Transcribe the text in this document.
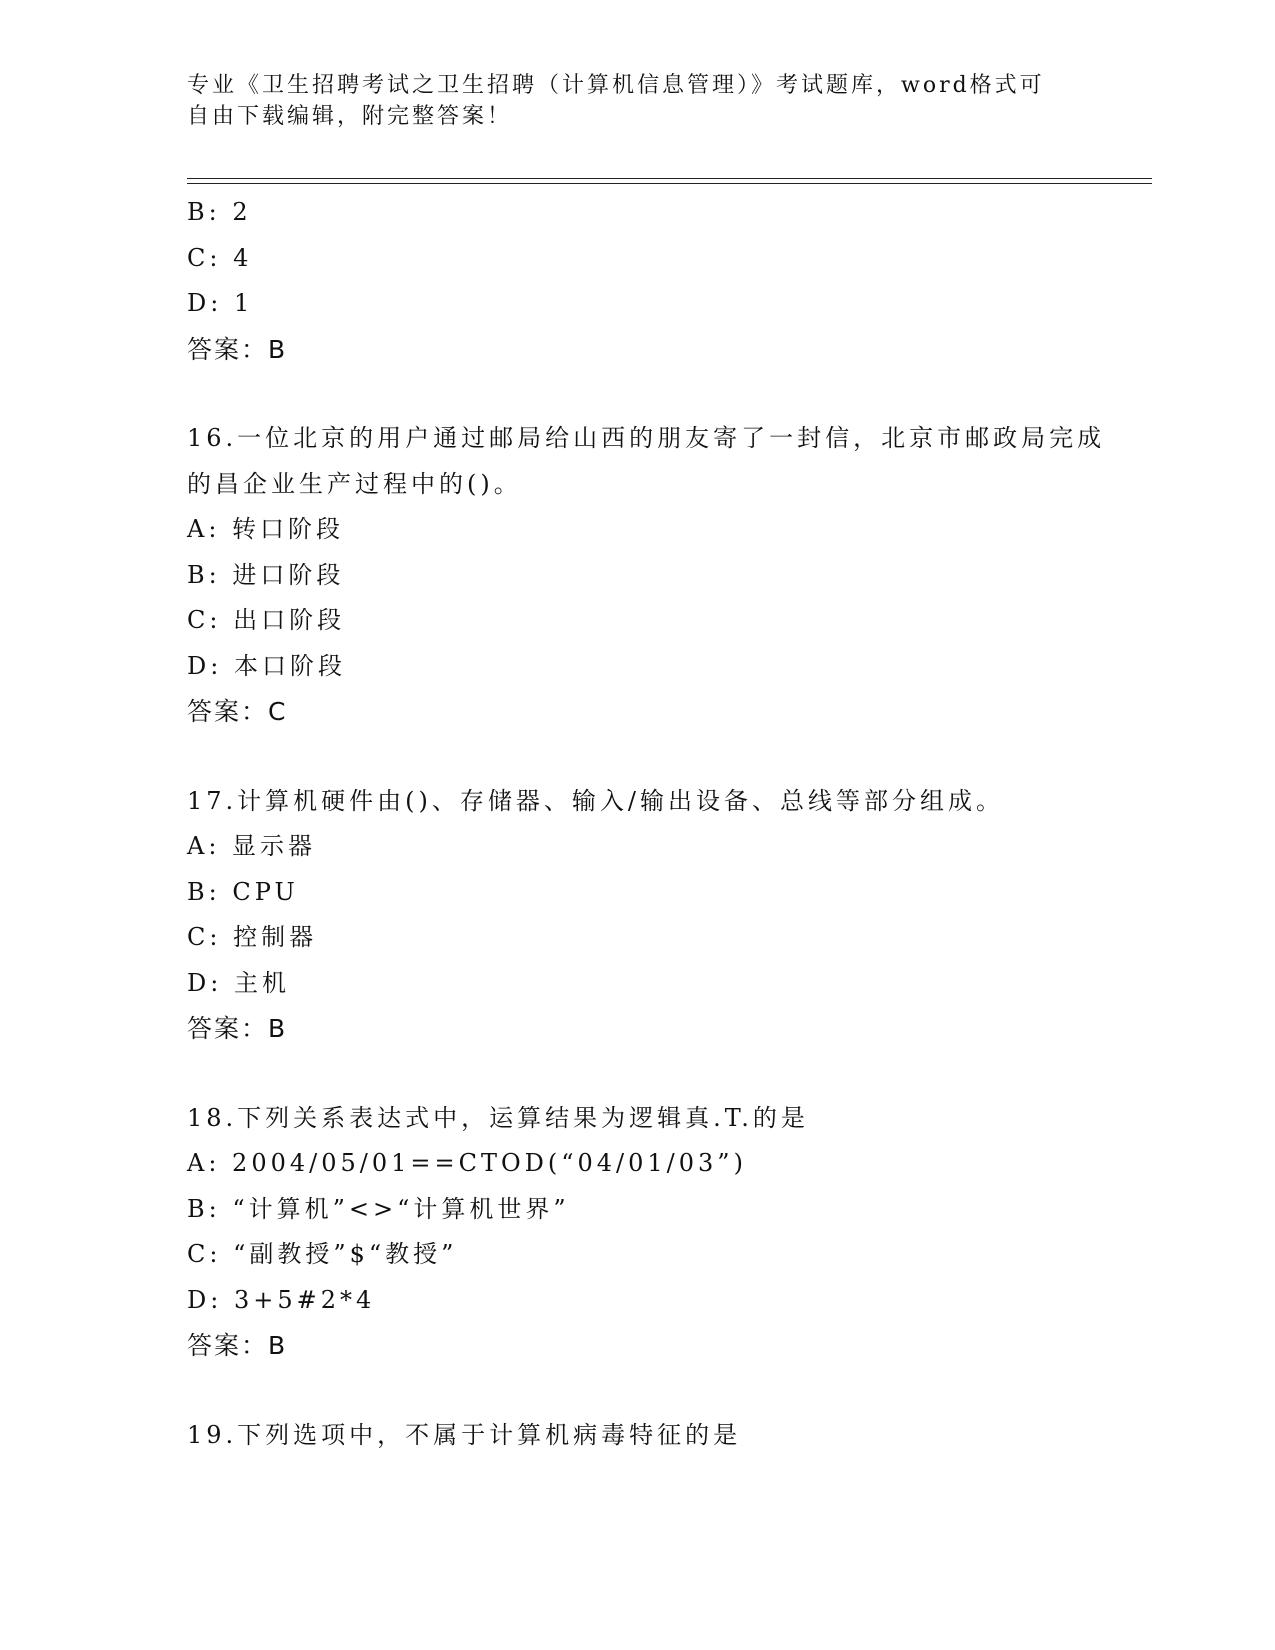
专业《卫生招聘考试之卫生招聘（计算机信息管理）》考试题库，word格式可自由下载编辑，附完整答案！
B: 2
C: 4
D: 1
答案：B
16.一位北京的用户通过邮局给山西的朋友寄了一封信，北京市邮政局完成的昌企业生产过程中的()。
A: 转口阶段
B: 进口阶段
C: 出口阶段
D: 本口阶段
答案：C
17.计算机硬件由()、存储器、输入/输出设备、总线等部分组成。
A: 显示器
B: CPU
C: 控制器
D: 主机
答案：B
18.下列关系表达式中，运算结果为逻辑真.T.的是
A: 2004/05/01==CTOD(“04/01/03”)
B: “计算机”<>“计算机世界”
C: “副教授”$“教授”
D: 3+5#2*4
答案：B
19.下列选项中，不属于计算机病毒特征的是
